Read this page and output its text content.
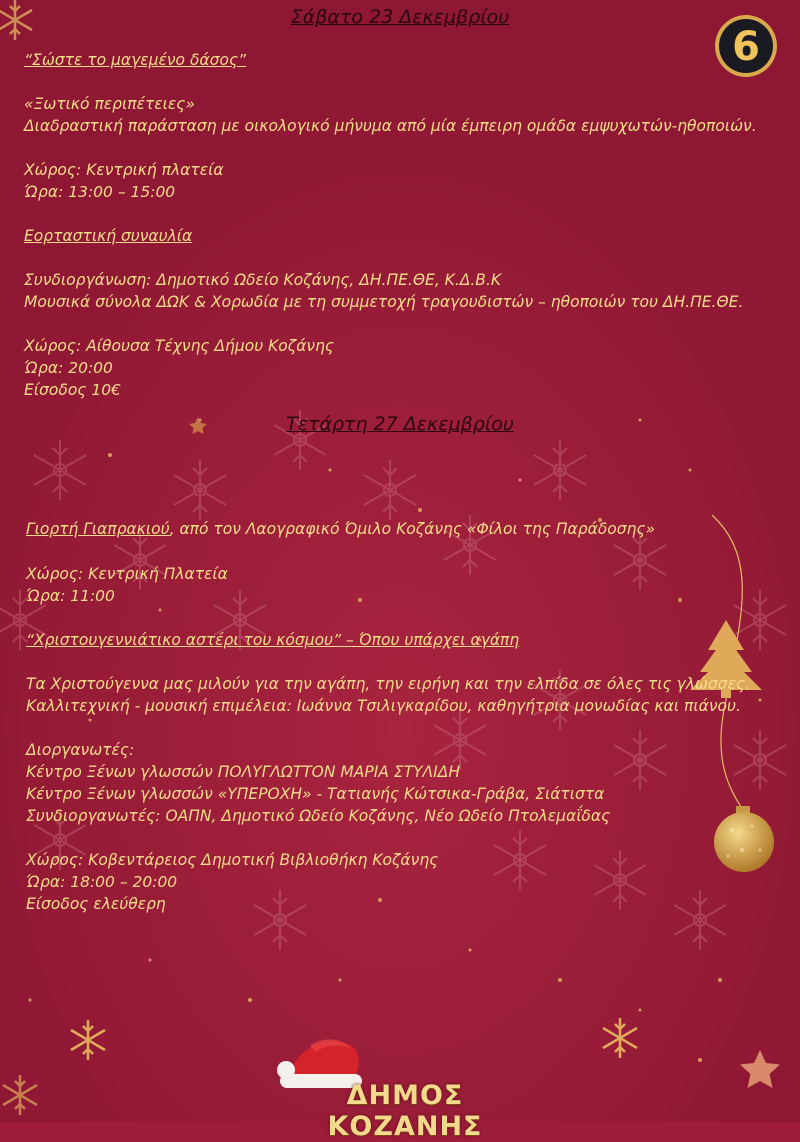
6
Σάβατο 23 Δεκεμβρίου
“Σώστε το μαγεμένο δάσος”
«Ξωτικό περιπέτειες»
Διαδραστική παράσταση με οικολογικό μήνυμα από μία έμπειρη ομάδα εμψυχωτών-ηθοποιών.
Χώρος: Κεντρική πλατεία
Ώρα: 13:00 – 15:00
Εορταστική συναυλία
Συνδιοργάνωση: Δημοτικό Ωδείο Κοζάνης, ΔΗ.ΠΕ.ΘΕ, Κ.Δ.Β.Κ
Μουσικά σύνολα ΔΩΚ & Χορωδία με τη συμμετοχή τραγουδιστών – ηθοποιών του ΔΗ.ΠΕ.ΘΕ.
Χώρος: Αίθουσα Τέχνης Δήμου Κοζάνης
Ώρα: 20:00
Είσοδος 10€
Τετάρτη 27 Δεκεμβρίου
Γιορτή Γιαπρακιού, από τον Λαογραφικό Όμιλο Κοζάνης «Φίλοι της Παράδοσης»
Χώρος: Κεντρική Πλατεία
Ώρα: 11:00
“Χριστουγεννιάτικο αστέρι του κόσμου” – Όπου υπάρχει αγάπη
Τα Χριστούγεννα μας μιλούν για την αγάπη, την ειρήνη και την ελπίδα σε όλες τις γλώσσες.
Καλλιτεχνική - μουσική επιμέλεια: Ιωάννα Τσιλιγκαρίδου, καθηγήτρια μονωδίας και πιάνου.
Διοργανωτές:
Κέντρο Ξένων γλωσσών ΠΟΛΥΓΛΩΤΤΟΝ ΜΑΡΙΑ ΣΤΥΛΙΔΗ
Κέντρο Ξένων γλωσσών «ΥΠΕΡΟΧΗ» - Τατιανής Κώτσικα-Γράβα, Σιάτιστα
Συνδιοργανωτές: ΟΑΠΝ, Δημοτικό Ωδείο Κοζάνης, Νέο Ωδείο Πτολεμαΐδας
Χώρος: Κοβεντάρειος Δημοτική Βιβλιοθήκη Κοζάνης
Ώρα: 18:00 – 20:00
Είσοδος ελεύθερη
ΔΗΜΟΣ ΚΟΖΑΝΗΣ
